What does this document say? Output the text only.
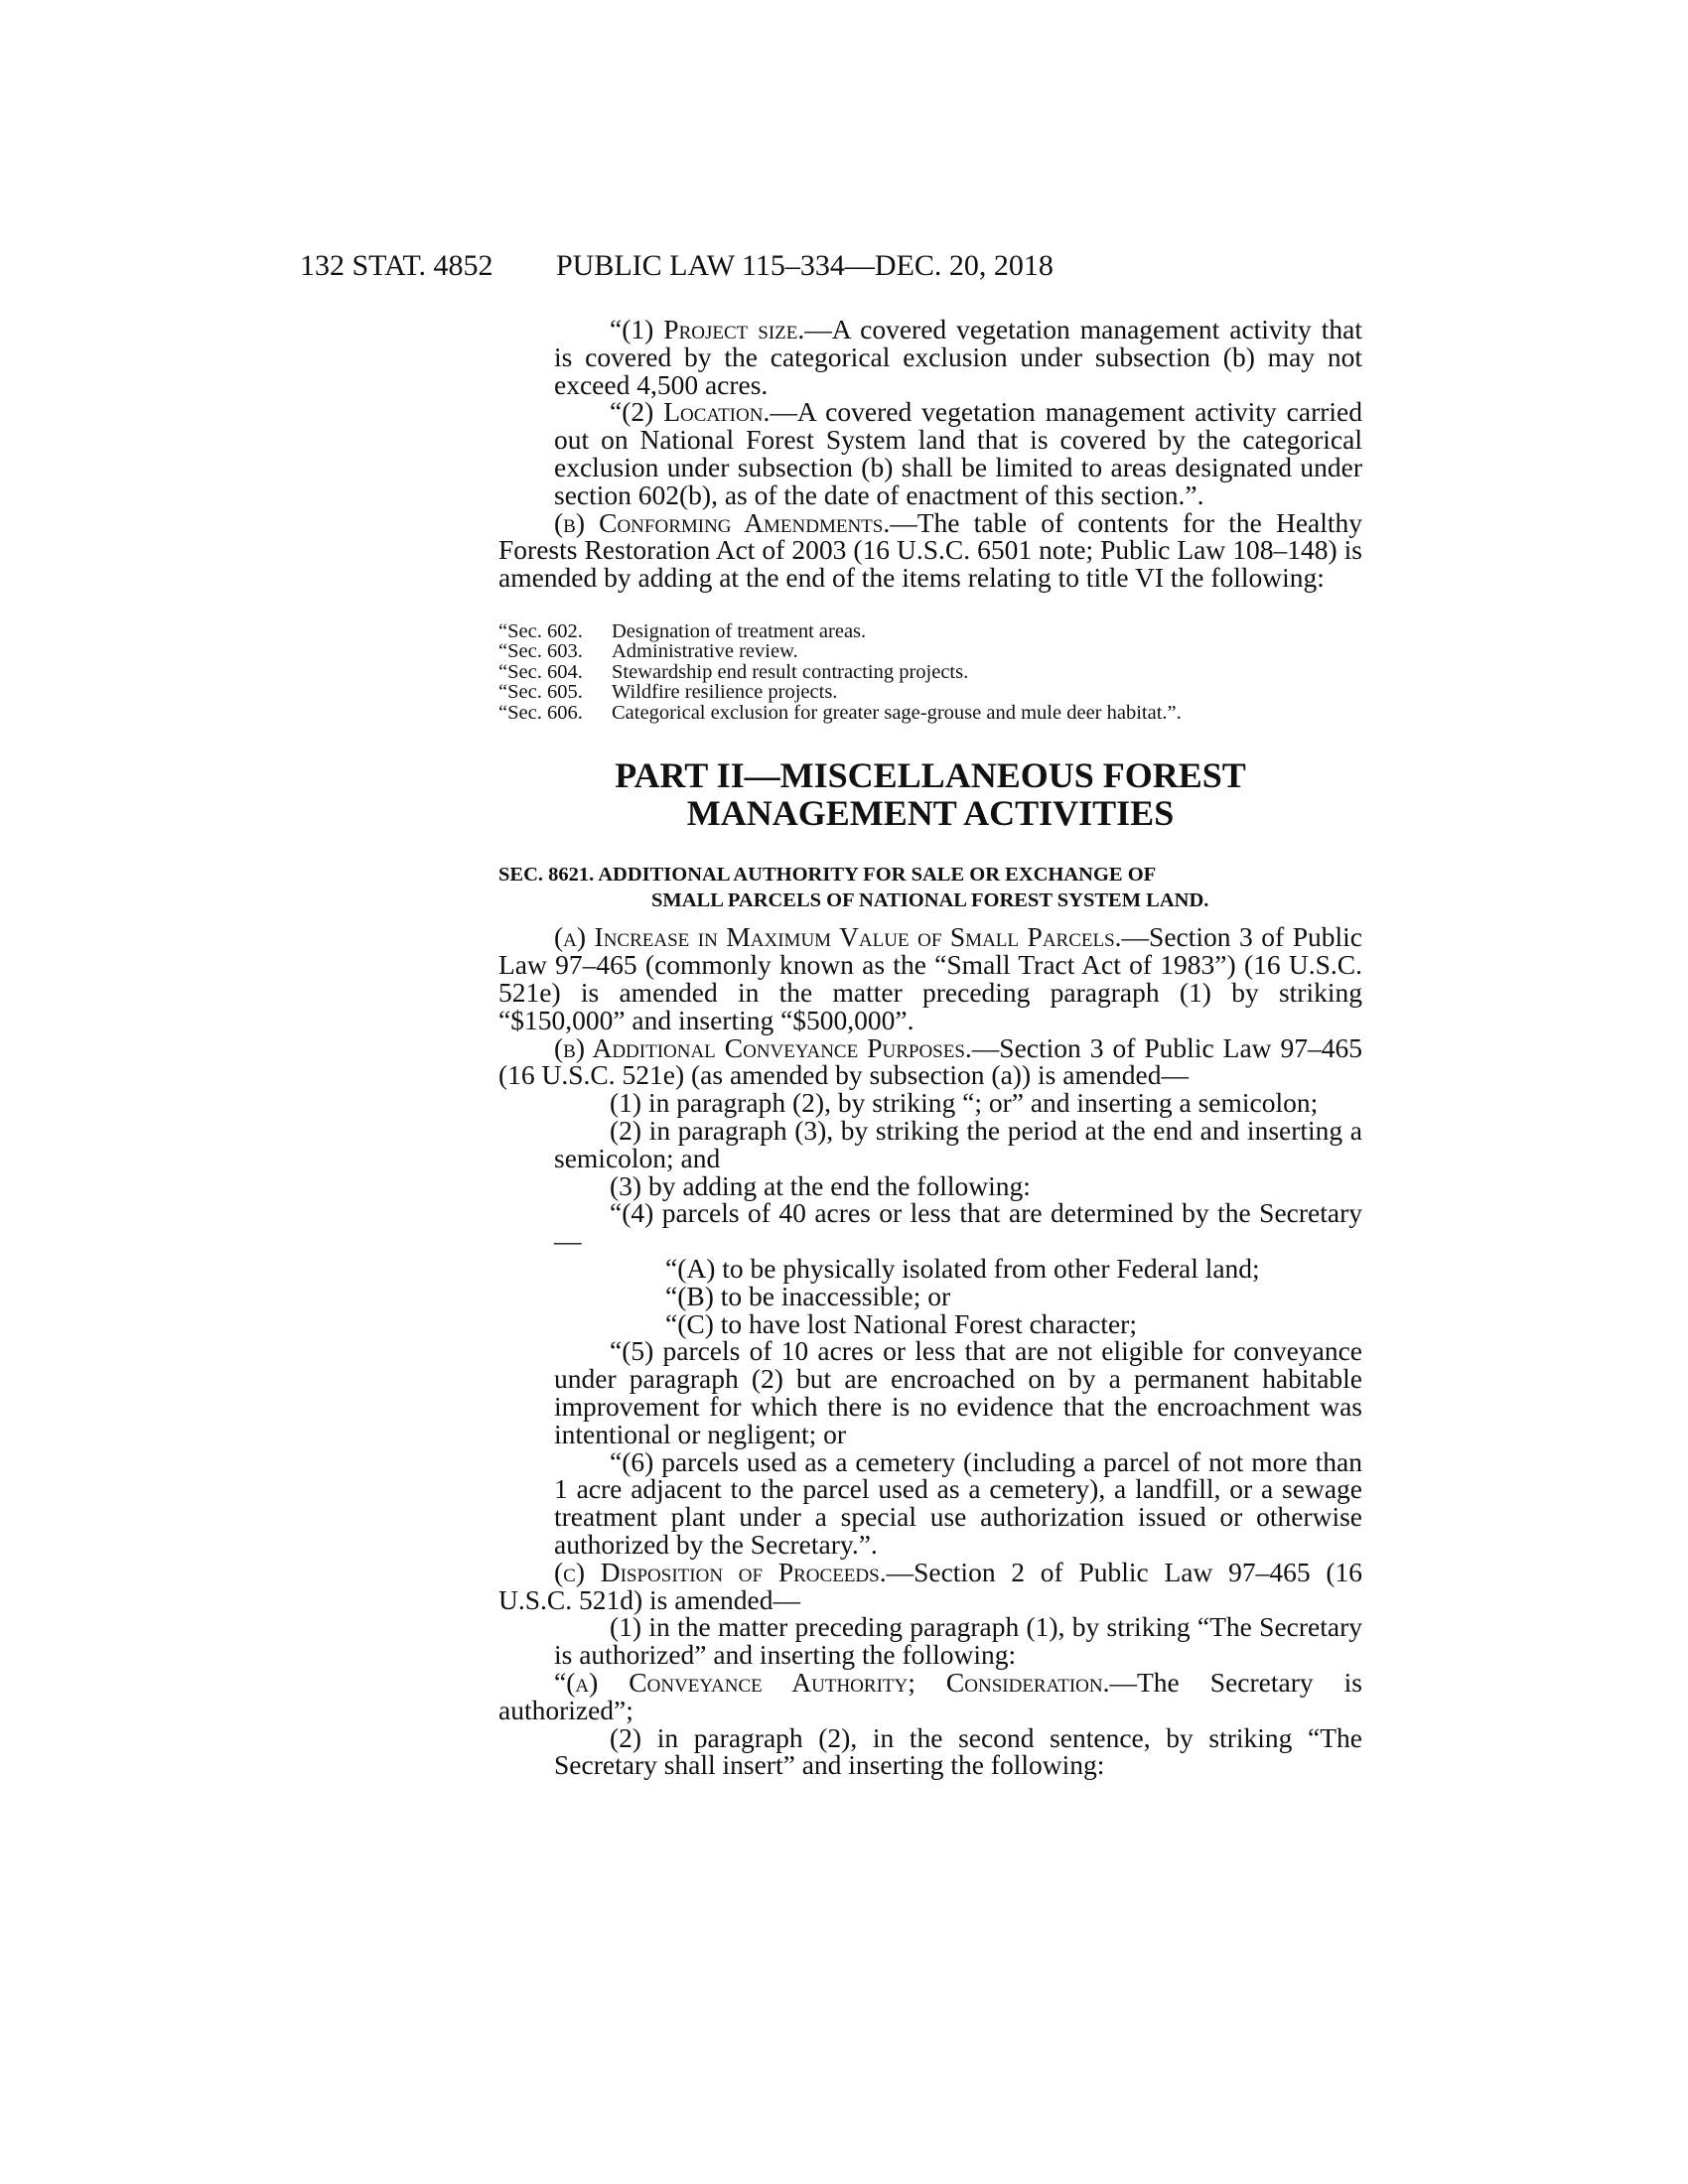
132 STAT. 4852 PUBLIC LAW 115–334—DEC. 20, 2018

“(1) Project size.—A covered vegetation management activity that is covered by the categorical exclusion under subsection (b) may not exceed 4,500 acres.

“(2) Location.—A covered vegetation management activity carried out on National Forest System land that is covered by the categorical exclusion under subsection (b) shall be limited to areas designated under section 602(b), as of the date of enactment of this section.”.

(b) Conforming Amendments.—The table of contents for the Healthy Forests Restoration Act of 2003 (16 U.S.C. 6501 note; Public Law 108–148) is amended by adding at the end of the items relating to title VI the following:

“Sec. 602. Designation of treatment areas.
“Sec. 603. Administrative review.
“Sec. 604. Stewardship end result contracting projects.
“Sec. 605. Wildfire resilience projects.
“Sec. 606. Categorical exclusion for greater sage-grouse and mule deer habitat.”.
PART II—MISCELLANEOUS FOREST
MANAGEMENT ACTIVITIES
SEC. 8621. ADDITIONAL AUTHORITY FOR SALE OR EXCHANGE OF
SMALL PARCELS OF NATIONAL FOREST SYSTEM LAND.

(a) Increase in Maximum Value of Small Parcels.—Section 3 of Public Law 97–465 (commonly known as the “Small Tract Act of 1983”) (16 U.S.C. 521e) is amended in the matter preceding paragraph (1) by striking “$150,000” and inserting “$500,000”.

(b) Additional Conveyance Purposes.—Section 3 of Public Law 97–465 (16 U.S.C. 521e) (as amended by subsection (a)) is amended—

(1) in paragraph (2), by striking “; or” and inserting a semicolon;

(2) in paragraph (3), by striking the period at the end and inserting a semicolon; and

(3) by adding at the end the following:

“(4) parcels of 40 acres or less that are determined by the Secretary—

“(A) to be physically isolated from other Federal land;

“(B) to be inaccessible; or

“(C) to have lost National Forest character;

“(5) parcels of 10 acres or less that are not eligible for conveyance under paragraph (2) but are encroached on by a permanent habitable improvement for which there is no evidence that the encroachment was intentional or negligent; or

“(6) parcels used as a cemetery (including a parcel of not more than 1 acre adjacent to the parcel used as a cemetery), a landfill, or a sewage treatment plant under a special use authorization issued or otherwise authorized by the Secretary.”.

(c) Disposition of Proceeds.—Section 2 of Public Law 97–465 (16 U.S.C. 521d) is amended—

(1) in the matter preceding paragraph (1), by striking “The Secretary is authorized” and inserting the following:

“(a) Conveyance Authority; Consideration.—The Secretary is authorized”;

(2) in paragraph (2), in the second sentence, by striking “The Secretary shall insert” and inserting the following:
